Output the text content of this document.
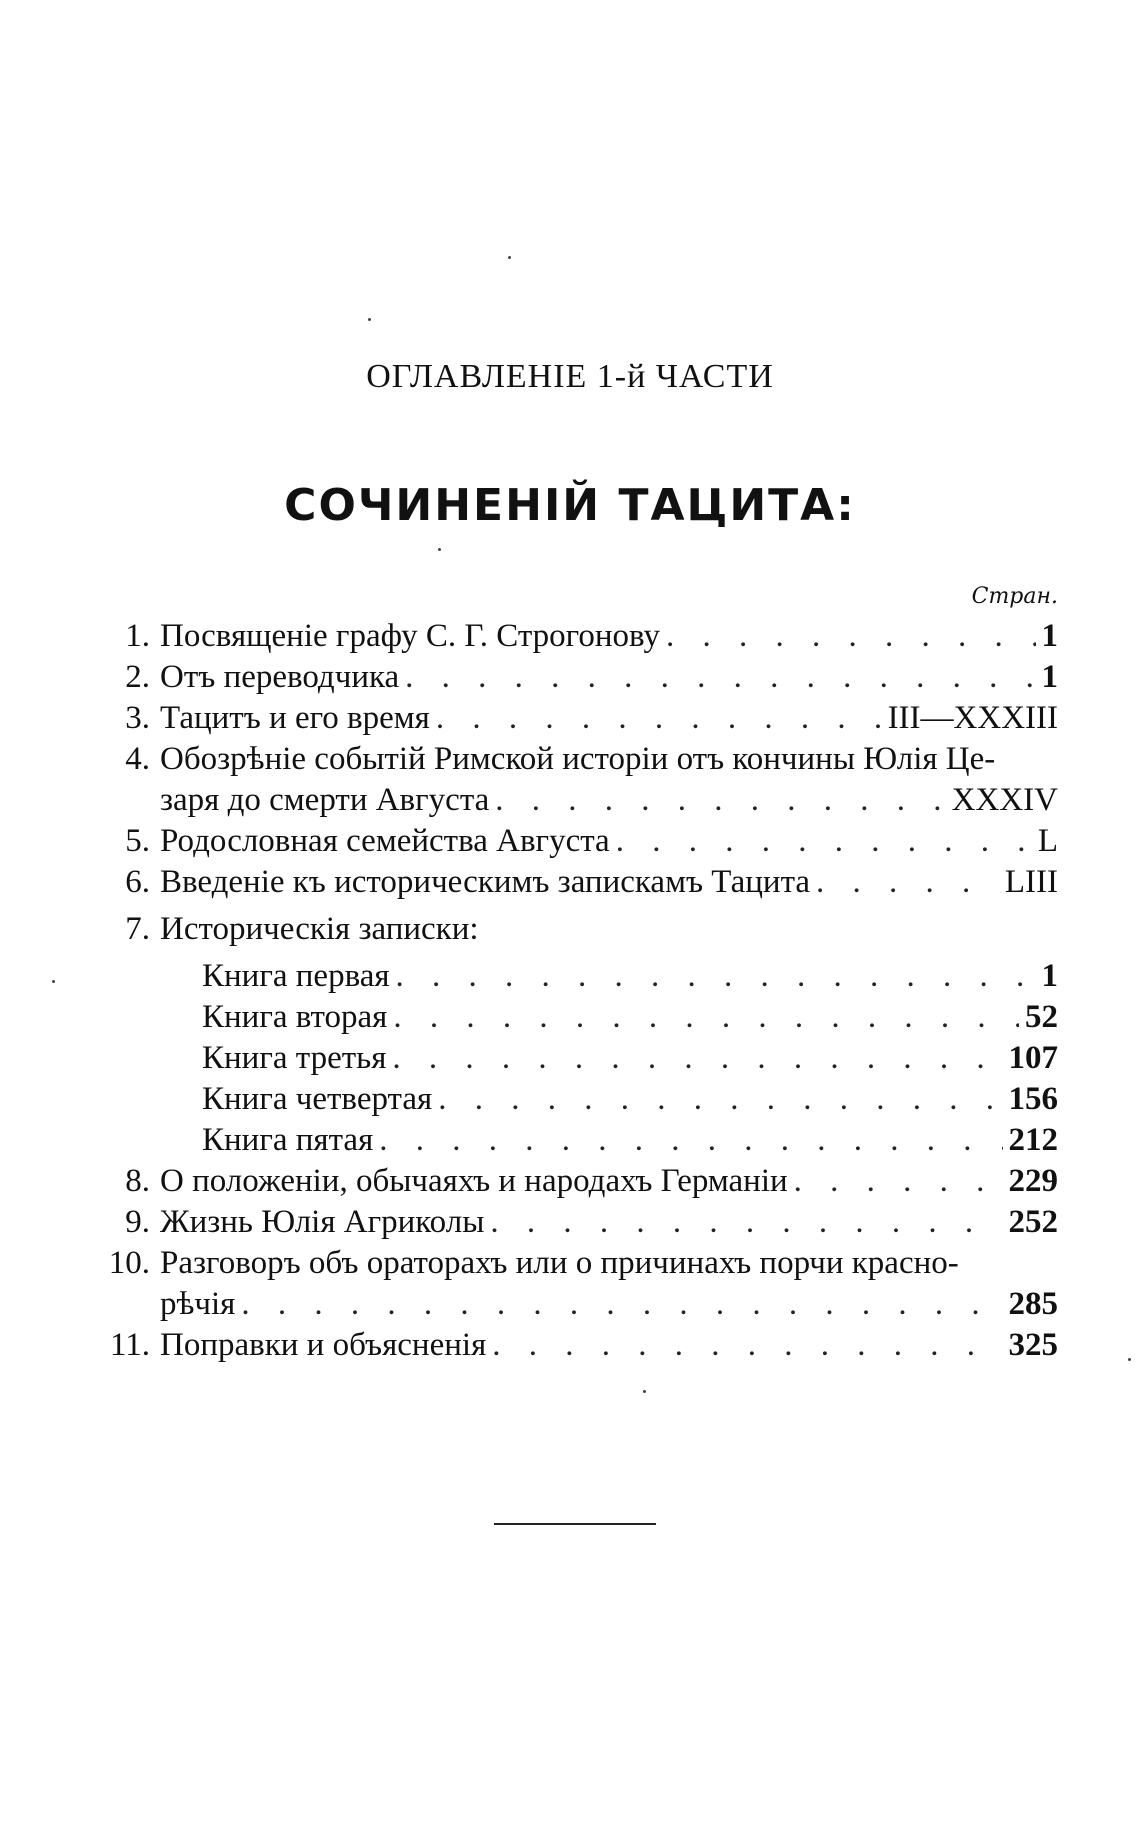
ОГЛАВЛЕНIЕ 1-й ЧАСТИ
СОЧИНЕНIЙ ТАЦИТА:
Стран.
1. Посвященiе графу С. Г. Строгонову . . .	1
2. Отъ переводчика . . .	1
3. Тацитъ и его время . . .	III—XXXIII
4. Обозрѣнiе событiй Римской исторiи отъ кончины Юлiя Це-
заря до смерти Августа . . .	XXXIV
5. Родословная семейства Августа . . .	L
6. Введенiе къ историческимъ запискамъ Тацита . . .	LIII
7. Историческiя записки:
Книга первая . . .	1
Книга вторая . . .	52
Книга третья . . .	107
Книга четвертая . . .	156
Книга пятая . . .	212
8. О положенiи, обычаяхъ и народахъ Германiи . . .	229
9. Жизнь Юлiя Агриколы . . .	252
10. Разговоръ объ ораторахъ или о причинахъ порчи красно-
рѣчiя . . .	285
11. Поправки и объясненiя . . .	325
